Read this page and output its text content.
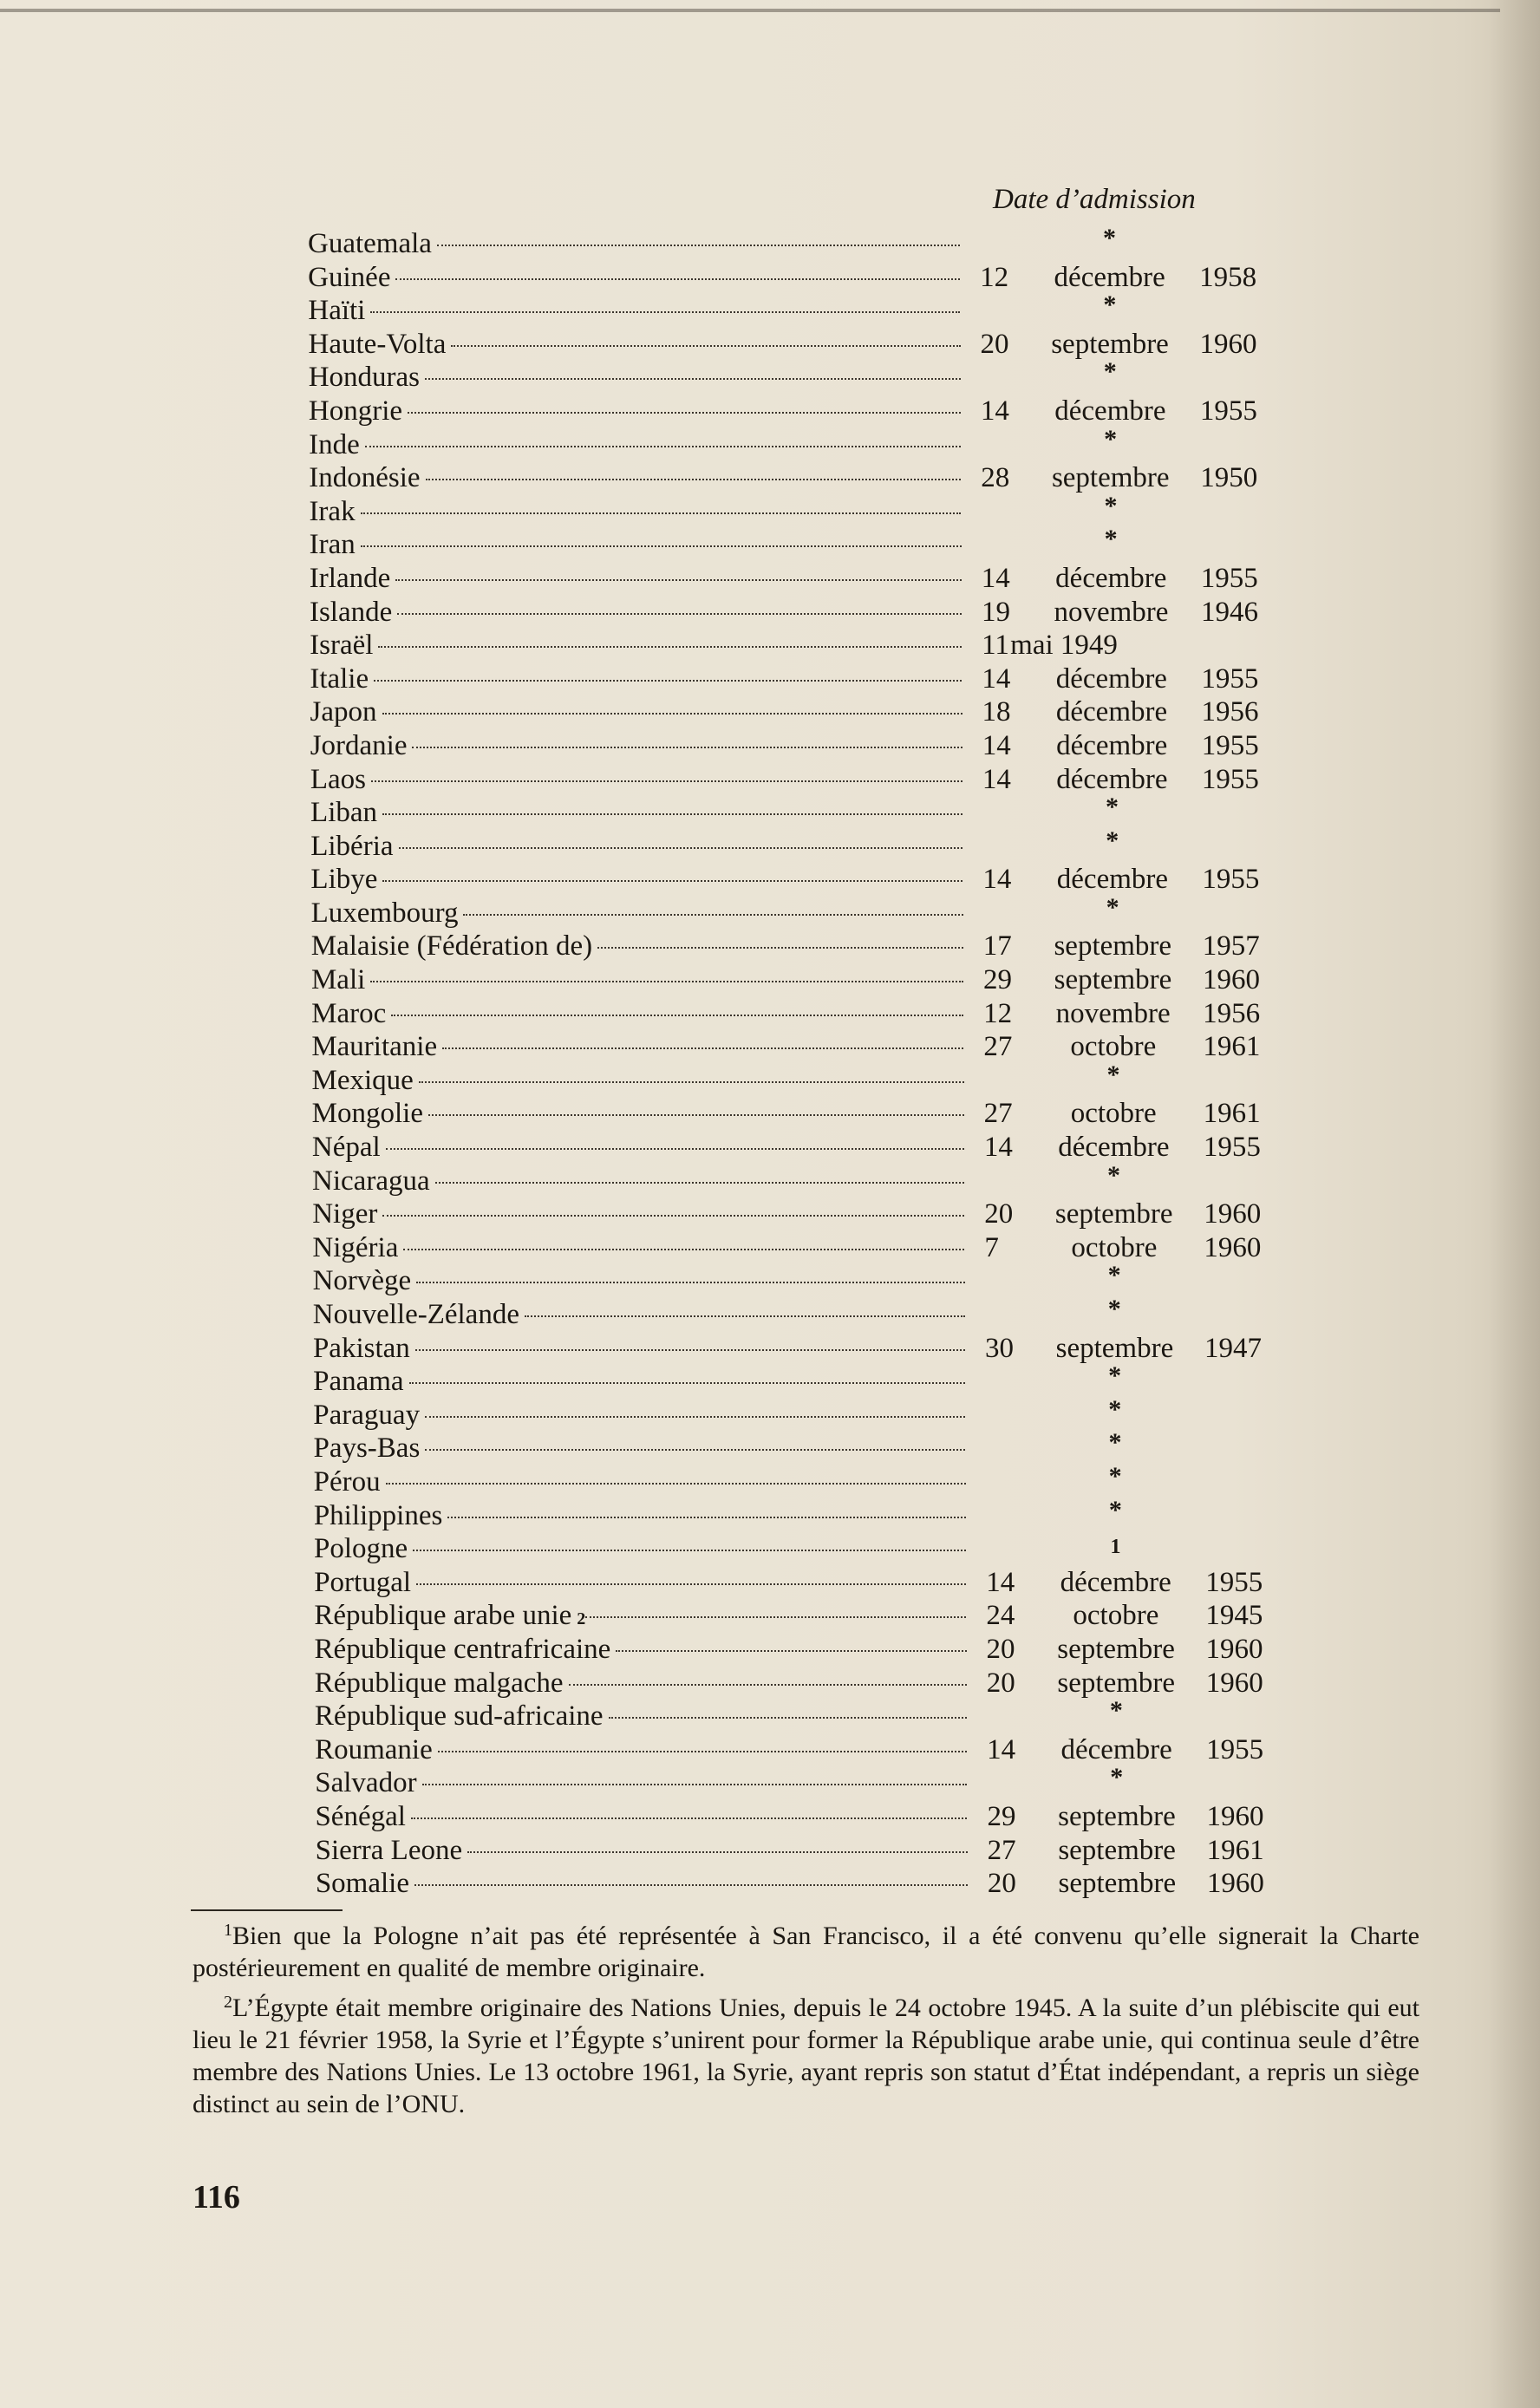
Date d’admission
Guatemala	*
Guinée	12	décembre	1958
Haïti	*
Haute-Volta	20	septembre	1960
Honduras	*
Hongrie	14	décembre	1955
Inde	*
Indonésie	28	septembre	1950
Irak	*
Iran	*
Irlande	14	décembre	1955
Islande	19	novembre	1946
Israël	11 mai 1949
Italie	14	décembre	1955
Japon	18	décembre	1956
Jordanie	14	décembre	1955
Laos	14	décembre	1955
Liban	*
Libéria	*
Libye	14	décembre	1955
Luxembourg	*
Malaisie (Fédération de)	17	septembre	1957
Mali	29	septembre	1960
Maroc	12	novembre	1956
Mauritanie	27	octobre	1961
Mexique	*
Mongolie	27	octobre	1961
Népal	14	décembre	1955
Nicaragua	*
Niger	20	septembre	1960
Nigéria	7	octobre	1960
Norvège	*
Nouvelle-Zélande	*
Pakistan	30	septembre	1947
Panama	*
Paraguay	*
Pays-Bas	*
Pérou	*
Philippines	*
Pologne	1
Portugal	14	décembre	1955
République arabe unie 2	24	octobre	1945
République centrafricaine	20	septembre	1960
République malgache	20	septembre	1960
République sud-africaine	*
Roumanie	14	décembre	1955
Salvador	*
Sénégal	29	septembre	1960
Sierra Leone	27	septembre	1961
Somalie	20	septembre	1960

$^1$Bien que la Pologne n’ait pas été représentée à San Francisco, il a été convenu qu’elle signerait la Charte postérieurement en qualité de membre originaire.

$^2$L’Égypte était membre originaire des Nations Unies, depuis le 24 octobre 1945. A la suite d’un plébiscite qui eut lieu le 21 février 1958, la Syrie et l’Égypte s’unirent pour former la République arabe unie, qui continua seule d’être membre des Nations Unies. Le 13 octobre 1961, la Syrie, ayant repris son statut d’État indépendant, a repris un siège distinct au sein de l’ONU.

116
